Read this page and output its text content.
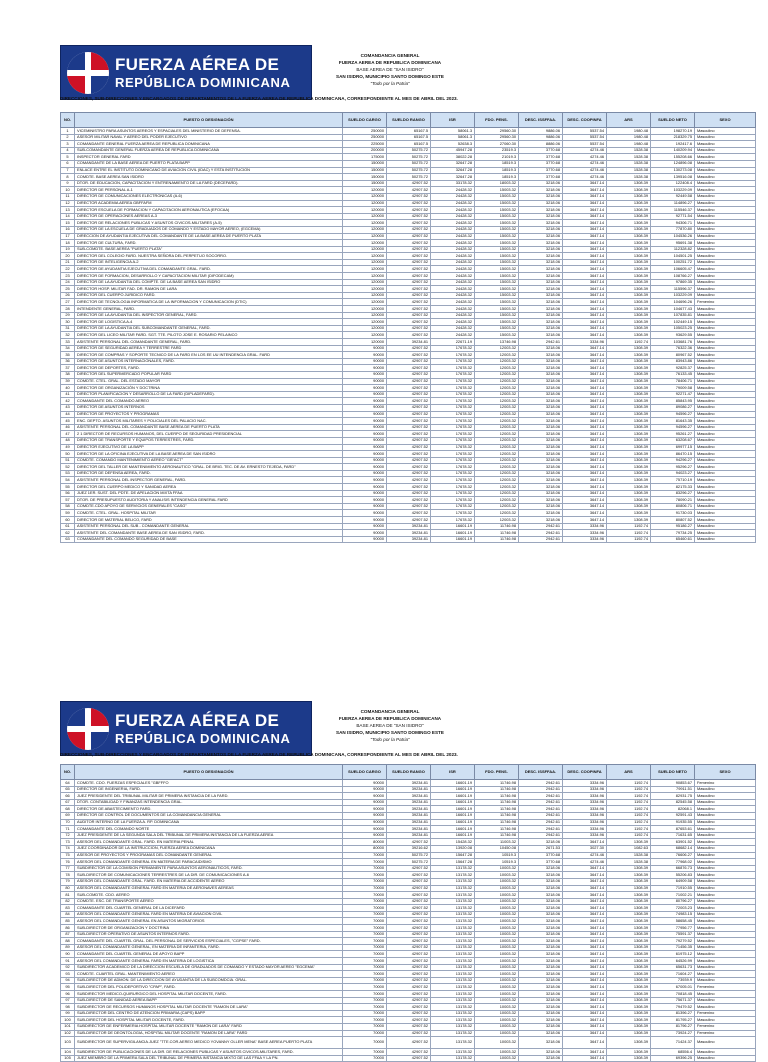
FUERZA AÉREA DE
REPÚBLICA DOMINICANA
COMANDANCIA GENERAL
FUERZA AEREA DE REPUBLICA DOMINICANA
BASE AEREA DE "SAN ISIDRO"
SAN ISIDRO, MUNICIPIO SANTO DOMINGO ESTE
"Todo por la Patria"
DIRECCIONES, SUB-DIRECCIONES Y ENCARGADOS DE DEPARTAMENTOS DE LA FUERZA AEREA DE REPUBLICA DOMINICANA, CORRESPONDIENTE AL MES DE ABRIL DEL 2023.
NO.	PUESTO O DESIGNACIÓN	SUELDO CARGO	SUELDO RANGO	ISR	FDO. PENS.	DESC. ISSFFAA.	DESC. COOPINFA	ARS	SUELDO NETO	SEXO
1	VICEMINISTRO PARA ASUNTOS AEREOS Y ESPACIALES DEL MINISTERIO DE DEFENSA.	250000	65167.5	58061.3	29560.30	9886.06	5537.54	1980.48	198270.19	Masculino
2	ASESOR MILITAR NAVAL Y AEREO DEL PODER EJECUTIVO	250000	65167.5	58061.3	29560.30	9886.06	5537.54	1980.48	218329.75	Masculino
3	COMANDANTE GENERAL FUERZA AEREA DE REPUBLICA DOMINICANA	225000	65167.5	52638.3	27060.30	8886.06	5537.54	1980.48	192417.6	Masculino
4	SUB-COMANDANTE GENERAL FUERZA AEREA DE REPUBLICA DOMINICANA	200000	50275.72	45947.28	23519.3	3770.68	4274.46	1528.38	140209.94	Masculino
5	INSPECTOR GENERAL FARD	175000	50275.72	38022.28	21019.3	3770.68	4274.46	1528.38	155208.66	Masculino
6	COMANDANTE DE LA BASE AEREA DE PUERTO PLATA BAPP	150000	50275.72	32647.28	18519.3	3770.68	4274.46	1528.38	124896.08	Masculino
7	ENLACE ENTRE EL INSTITUTO DOMINICANO DE AVIACION CIVIL (IDAC) Y ESTA INSTITUCION	150000	50275.72	32647.28	18519.3	3770.68	4274.46	1528.38	130273.08	Masculino
8	COMDTE. BASE AEREA SAN ISIDRO	150000	50275.72	32647.28	18519.3	3770.68	4274.46	1528.38	139516.08	Masculino
9	DTOR. DE EDUCACION, CAPACITACION Y ENTRENAMIENTO DE LA FARD (DECEFARD).	150000	42907.52	33178.32	18003.32	3218.06	3647.14	1308.39	122408.4	Masculino
10	DIRECTOR DE PERSONAL A-1	120000	42907.52	24428.32	15003.32	3218.06	3647.14	1308.39	103229.09	Masculino
11	DIRECTOR DE COMUNICACIONES ELECTRONICAS (A-6)	120000	42907.52	24428.32	15003.32	3218.06	3647.14	1308.39	92449.58	Masculino
12	DIRECTOR ACADEMIA AEREA GBFFAFM	120000	42907.52	24428.32	15003.32	3218.06	3647.14	1308.39	114896.27	Masculino
13	DIRECTOR ESCUELA DE FORMACION Y CAPACITACION AERONAUTICA (EFOCAA)	120000	42907.52	24428.32	15003.32	3218.06	3647.14	1308.39	115546.37	Masculino
14	DIRECTOR DE OPERACIONES AEREAS A-3	120000	42907.52	24428.32	15003.32	3218.06	3647.14	1308.39	92771.54	Masculino
15	DIRECTOR DE RELACIONES PUBLICAS Y ASUNTOS CIVICOS-MILITARES (A-5)	120000	42907.52	24428.32	15003.32	3218.06	3647.14	1308.39	94306.71	Masculino
16	DIRECTOR DE LA ESCUELA DE GRADUADOS DE COMANDO Y ESTADO MAYOR AEREO, (EGCEMA)	120000	42907.52	24428.32	15003.32	3218.06	3647.14	1308.39	77870.80	Masculino
17	DIRECCION DE AYUDANTIA EJECUTIVA DEL COMANDANTE DE LA BASE AEREA DE PUERTO PLATA	120000	42907.52	24428.32	15003.32	3218.06	3647.14	1308.39	104536.26	Masculino
18	DIRECTOR DE CULTURA, FARD.	120000	42907.52	24428.32	15003.32	3218.06	3647.14	1308.39	95691.38	Masculino
19	SUB-COMDTE. BASE AEREA "PUERTO PLATA"	120000	42907.52	24428.32	15003.32	3218.06	3647.14	1308.39	112328.82	Masculino
20	DIRECTOR DEL COLEGIO FARD. NUESTRA SEÑORA DEL PERPETUO SOCORRO.	120000	42907.52	24428.32	15003.32	3218.06	3647.14	1308.39	104501.25	Masculino
21	DIRECTOR DE INTELIGENCIA A-2	120000	42907.52	24428.32	15003.32	3218.06	3647.14	1308.39	100251.72	Masculino
22	DIRECTOR DE AYUDANTIA EJECUTIVA DEL COMANDANTE GRAL. FARD.	120000	42907.52	24428.32	15003.32	3218.06	3647.14	1308.39	106605.47	Masculino
23	DIRECTOR DE FORMACION, DESARROLLO Y CAPACITACION MILITAR (DIFODECAM)	120000	42907.52	24428.32	15003.32	3218.06	3647.14	1308.39	108766.27	Masculino
24	DIRECTOR DE LA AYUDANTIA DEL COMPTE. DE LA BASE AEREA SAN ISIDRO	120000	42907.52	24428.32	15003.32	3218.06	3647.14	1308.39	97869.35	Masculino
25	DIRECTOR HOSP. MILITAR FAD. DR. RAMON DE LARA	120000	42907.52	24428.32	15003.32	3218.06	3647.14	1308.39	115596.37	Masculino
26	DIRECTOR DEL CUERPO JURIDICO FARD.	120000	42907.52	24428.32	15003.32	3218.06	3647.14	1308.39	103229.09	Masculino
27	DIRECTOR DE TECNOLOGIA INFORMATICA DE LA INFORMACION Y COMUNICACION (DTIC)	120000	42907.52	24428.32	15003.32	3218.06	3647.14	1308.39	104696.26	Femenino
28	INTENDENTE GENERAL, FARD.	120000	42907.52	24428.32	15003.32	3218.06	3647.14	1308.39	104677.43	Masculino
29	DIRECTOR DE LA AYUDANTIA DEL INSPECTOR GENERAL, FARD.	120000	42907.52	24428.32	15003.32	3218.06	3647.14	1308.39	107835.81	Masculino
30	DIRECTOR DE LOGISTICA A-4	120000	42907.52	24428.32	15003.32	3218.06	3647.14	1308.39	102449.15	Masculino
31	DIRECTOR DE LA AYUDANTIA DEL SUBCOMANDANTE GENERAL, FARD.	120000	42907.52	24428.32	15003.32	3218.06	3647.14	1308.39	105023.25	Masculino
32	DIRECTOR DEL LICEO MILITAR FARD. SGT. TTE. PILOTO JOSE E. ROSARIO PELAINCO	120000	42907.52	24428.32	15003.32	3218.06	3647.14	1308.39	93629.55	Masculino
33	ASISTENTE PERSONAL DEL COMANDANTE GENERAL, FARD.	120000	39234.81	22671.19	13746.98	2942.61	3334.96	1192.74	103681.76	Masculino
34	DIRECTOR DE SEGURIDAD AEREA Y TERRESTRE FARD	90000	42907.52	17678.32	12003.32	3218.06	3647.14	1308.39	76322.36	Masculino
35	DIRECTOR DE COMPRAS Y SOPORTE TECNICO DE LA FARD EN LOS EE UU INTENDENCIA GRAL. FARD	90000	42907.52	17678.32	12003.32	3218.06	3647.14	1308.39	80967.52	Masculino
36	DIRECTOR DE ASUNTOS INTERNACIONALES, FARD.	90000	42907.52	17678.32	12003.32	3218.06	3647.14	1308.39	83943.86	Masculino
37	DIRECTOR DE DEPORTES, FARD.	90000	42907.52	17678.32	12003.32	3218.06	3647.14	1308.39	92825.37	Masculino
38	DIRECTOR DEL SUPERMERCADO POPULAR FARD	90000	42907.52	17678.32	12003.32	3218.06	3647.14	1308.39	76133.45	Masculino
39	COMDTE. CTEL. GRAL. DEL ESTADO MAYOR	90000	42907.52	17678.32	12003.32	3218.06	3647.14	1308.39	78406.71	Masculino
40	DIRECTOR DE ORGANIZACIÓN Y DOCTRINA	90000	42907.52	17678.32	12003.32	3218.06	3647.14	1308.39	79009.58	Masculino
41	DIRECTOR PLANIFICACION Y DESARROLLO DE LA FARD (DIPLADEFARD).	90000	42907.52	17678.32	12003.32	3218.06	3647.14	1308.39	92271.47	Masculino
42	COMANDANTE DEL COMANDO AEREO	90000	42907.52	17678.32	12003.32	3218.06	3647.14	1308.39	85843.95	Masculino
43	DIRECTOR DE ASUNTOS INTERNOS	90000	42907.52	17678.32	12003.32	3218.06	3647.14	1308.39	89086.27	Masculino
44	DIRECTOR DE PROYECTOS Y PROGRAMAS	90000	42907.52	17678.32	12003.32	3218.06	3647.14	1308.39	94596.27	Masculino
45	ENC. DEPTO. ASUNTOS MILITARES Y POLICIALES DEL PALACIO NAC.	90000	42907.52	17678.32	12003.32	3218.06	3647.14	1308.39	81643.35	Masculino
46	ASISTENTE PERSONAL DEL COMANDANTE BASE AEREA DE PUERTO PLATA	90000	42907.52	17678.32	12003.32	3218.06	3647.14	1308.39	94596.27	Masculino
47	2 1 DIRECTOR DE RECURSOS HUMANOS, DEL CUERPO DE SEGURIDAD PRESIDENCIAL	90000	42907.52	17678.32	12003.32	3218.06	3647.14	1308.39	95261.27	Masculino
48	DIRECTOR DE TRANSPORTE Y EQUIPOS TERRESTRES, FARD.	90000	42907.52	17678.32	12003.32	3218.06	3647.14	1308.39	63208.67	Masculino
49	DIRECTOR EJECUTIVO DE LA BAPP	90000	42907.52	17678.32	12003.32	3218.06	3647.14	1308.39	69977.15	Masculino
50	DIRECTOR DE LA OFICINA EJECUTIVA DE LA BASE AEREA DE SAN ISIDRO	90000	42907.52	17678.32	12003.32	3218.06	3647.14	1308.39	86470.15	Masculino
51	COMDTE. COMANDO MANTENIMIENTO AEREO "GB"ACT"	90000	42907.52	17678.32	12003.32	3218.06	3647.14	1308.39	94296.27	Masculino
52	DIRECTOR DEL TALLER DE MANTENIMIENTO AERONAUTICO "GRAL. DE BRIG. TEC. DE AV. ERNESTO TEJEDA, FARD"	90000	42907.52	17678.32	12003.32	3218.06	3647.14	1308.39	95296.27	Masculino
53	DIRECTOR DE DEFENSA AEREA, FARD.	90000	42907.52	17678.32	12003.32	3218.06	3647.14	1308.39	94023.27	Masculino
54	ASISTENTE PERSONAL DEL INSPECTOR GENERAL, FARD.	90000	42907.52	17678.32	12003.32	3218.06	3647.14	1308.39	75710.19	Masculino
55	DIRECTOR DEL CUERPO MEDICO Y SANIDAD AEREA	90000	42907.52	17678.32	12003.32	3218.06	3647.14	1308.39	82175.33	Masculino
56	JUEZ 1ER. SUST. DEL PDTE. DE APELACION MIXTA FFAA	90000	42907.52	17678.32	12003.32	3218.06	3647.14	1308.39	83296.27	Masculino
57	DTOR. DE PRESUPUESTO AUDITORIA Y ANALISIS INTENDENCIA GENERAL FARD	90000	42907.52	17678.32	12003.32	3218.06	3647.14	1308.39	78090.21	Masculino
58	COMDTE.CDO APOYO DE SERVICIOS GENERALES "CASG"	90000	42907.52	17678.32	12003.32	3218.06	3647.14	1308.39	80806.71	Masculino
59	COMDTE. CTEL. GRAL. HOSPITAL MILITAR	90000	42907.52	17678.32	12003.32	3218.06	3647.14	1308.39	91730.03	Masculino
60	DIRECTOR DE MATERIAL BELICO, FARD	90000	42907.52	17678.32	12003.32	3218.06	3647.14	1308.39	80807.52	Masculino
61	ASISTENTE PERSONAL DEL SUB - COMANDANTE GENERAL	90000	39234.81	16601.19	11746.98	2942.61	3334.96	1192.74	95186.27	Masculino
62	ASISTENTE DEL COMANDANTE BASE AEREA DE SAN ISIDRO, FARD.	90000	39234.81	16601.19	11746.98	2942.61	3334.96	1192.74	79734.25	Masculino
63	COMANDANTE DEL COMANDO SEGURIDAD DE BASE	90000	39234.81	16601.19	11746.98	2942.61	3334.96	1192.74	65460.61	Masculino
FUERZA AÉREA DE
REPÚBLICA DOMINICANA
COMANDANCIA GENERAL
FUERZA AEREA DE REPUBLICA DOMINICANA
BASE AEREA DE "SAN ISIDRO"
SAN ISIDRO, MUNICIPIO SANTO DOMINGO ESTE
"Todo por la Patria"
DIRECCIONES, SUB-DIRECCIONES Y ENCARGADOS DE DEPARTAMENTOS DE LA FUERZA AEREA DE REPUBLICA DOMINICANA, CORRESPONDIENTE AL MES DE ABRIL DEL 2023.
NO.	PUESTO O DESIGNACIÓN	SUELDO CARGO	SUELDO RANGO	ISR	FDO. PENS.	DESC. ISSFFAA.	DESC. COOPINFA	ARS	SUELDO NETO	SEXO
64	COMDTE. CDO. FUERZAS ESPECIALES "GBFFFO	90000	39234.81	16601.19	11746.98	2942.61	3334.96	1192.74	90853.67	Femenino
65	DIRECTOR DE INGENIERIA, FARD.	90000	39234.81	16601.19	11746.98	2942.61	3334.96	1192.74	79911.51	Masculino
66	JUEZ PRESIDENTE DEL TRIBUNAL MILITAR DE PRIMERA INSTANCIA DE LA FARD.	90000	39234.81	16601.19	11746.98	2942.61	3334.96	1192.74	82931.75	Masculino
67	DTOR. CONTABILIDAD Y FINANZAS INTENDENCIA GRAL.	90000	39234.81	16601.19	11746.98	2942.61	3334.96	1192.74	82545.58	Masculino
68	DIRECTOR DE ABASTECIMIENTO FARD.	90000	39234.81	16601.19	11746.98	2942.61	3334.96	1192.74	82068.1	Masculino
69	DIRECTOR DE CONTROL DE DOCUMENTOS DE LA COMANDANCIA GENERAL	90000	39234.81	16601.19	11746.98	2942.61	3334.96	1192.74	92591.43	Masculino
70	AUDITOR INTERNO DE LA FUERZA A. RP. DOMINICANA	90000	39234.81	16601.19	11746.98	2942.61	3334.96	1192.74	91935.55	Masculino
71	COMANDANTE DEL COMANDO NORTE	90000	39234.81	16601.19	11746.98	2942.61	3334.96	1192.74	87653.61	Masculino
72	JUEZ PRESIDENTE DE LA SEGUNDA SALA DEL TRIBUNAL DE PRIMERA INSTANCIA DE LA FUERZA AEREA	90000	39234.81	16601.19	11746.98	2942.61	3334.96	1192.74	71631.65	Masculino
73	ASESOR DEL COMANDANTE GRAL. FARD. EN MATERIA PENAL	80000	42907.52	15428.32	11003.32	3218.06	3647.14	1308.39	63901.52	Masculino
74	JUEZ COORDINADOR DE LA INSTRUCCION, FUERZA AEREA DOMINICANA	80000	39216.62	13920.08	10450.08	2671.53	3027.30	1082.63	68682.14	Masculino
75	ASESOR DE PROYECTOS Y PROGRAMAS DEL COMANDANTE GENERAL	70000	50275.72	15647.28	10519.3	3770.68	4274.46	1528.38	76606.27	Masculino
76	ASESOR DEL COMANDANTE GENERAL EN MATERIA DE PARACAIDISMO	70000	50275.72	15647.28	10519.3	3770.68	4274.46	1528.38	77968.02	Masculino
77	SUBDIRECTOR DE LA COMISION PERMANENTE PARA ASUNTOS AERONAUTICOS, FARD.	70000	42907.52	13178.32	10003.32	3218.06	3647.14	1308.39	66876.73	Masculino
78	SUB-DIRECTOR DE COMUNICACIONES TERRESTRES DE LA DIR. DE COMUNICACIONES A-6	70000	42907.52	13178.32	10003.32	3218.06	3647.14	1308.39	55206.83	Masculino
79	ASESOR DEL COMANDANTE GRAL. FARD. EN MATERIA DE ACCIDENTE AEREO	70000	42907.52	13178.32	10003.32	3218.06	3647.14	1308.39	64909.58	Masculino
80	ASESOR DEL COMANDANTE GENERAL FARD EN MATERIA DE AERONAVES AEREAS	70000	42907.52	13178.32	10003.32	3218.06	3647.14	1308.39	71910.55	Masculino
81	SUB-COMDTE. CDO. AEREO	70000	42907.52	13178.32	10003.32	3218.06	3647.14	1308.39	71002.21	Masculino
82	COMDTE. ESC. DE TRANSPORTE AEREO	70000	42907.52	13178.32	10003.32	3218.06	3647.14	1308.39	80796.27	Masculino
83	COMANDANTE DEL CUARTEL GENERAL DE LA DICEFARD	70000	42907.52	13178.32	10003.32	3218.06	3647.14	1308.39	72003.23	Masculino
84	ASESOR DEL COMANDANTE GENERAL FARD EN MATERIA DE AVIACION CIVIL	70000	42907.52	13178.32	10003.32	3218.06	3647.14	1308.39	74983.15	Masculino
85	ASESOR DEL COMANDANTE GENERAL EN ASUNTOS MIGRATORIOS	70000	42907.52	13178.32	10003.32	3218.06	3647.14	1308.39	58658.45	Masculino
86	SUB-DIRECTOR DE ORGANIZACION Y DOCTRINA	70000	42907.52	13178.32	10003.32	3218.06	3647.14	1308.39	77956.77	Masculino
87	SUB-DIRECTOR OPERATIVO DE ASUNTOS INTERNOS FARD.	70000	42907.52	13178.32	10003.32	3218.06	3647.14	1308.39	75591.37	Masculino
88	COMANDANTE DEL CUARTEL GRAL. DEL PERSONAL DE SERVICIOS ESPECIALES, "CGPSE" FARD.	70000	42907.52	13178.32	10003.32	3218.06	3647.14	1308.39	79279.52	Masculino
89	ASESOR DEL COMANDANTE GENERAL, EN MATERIA DE INFANTERIA, FARD.	70000	42907.52	13178.32	10003.32	3218.06	3647.14	1308.39	71456.35	Masculino
90	COMANDANTE DEL CUARTEL GENERAL DE APOYO BAPP	70000	42907.52	13178.32	10003.32	3218.06	3647.14	1308.39	61975.12	Masculino
91	ASESOR DEL COMANDANTE GENERAL FARD EN MATERIA DE LOGISTICA	70000	42907.52	13178.32	10003.32	3218.06	3647.14	1308.39	64526.99	Masculino
92	SUBDIRECTOR ACADEMICO DE LA DIRECCION ESCUELA DE GRADUADOS DE COMANDO Y ESTADO MAYOR AEREO "EGCEMA"	70000	42907.52	13178.32	10003.32	3218.06	3647.14	1308.39	65631.73	Masculino
93	COMDTE. CUARTEL GRAL. MANTENIMIENTO AEREO	70000	42907.52	13178.32	10003.32	3218.06	3647.14	1308.39	71604.27	Masculino
94	SUB-DIRECTOR DE ADMON. DE LA DIRECCION DE AYUDANTIA DE LA SUBCOMDCIA. GRAL.	70000	42907.52	13178.32	10003.32	3218.06	3647.14	1308.39	73939.9	Masculino
95	SUB-DIRECTOR DEL POLIDEPORTIVO "CPAP", FARD.	70000	42907.52	13178.32	10003.32	3218.06	3647.14	1308.39	67005.01	Femenino
96	SUBDIRECTOR MEDICO-QUIRURGICO DEL HOSPITAL MILITAR DOCENTE, FARD.	70000	42907.52	13178.32	10003.32	3218.06	3647.14	1308.39	70818.45	Masculino
97	SUB-DIRECTOR DE SANIDAD AEREA BAPP	70000	42907.52	13178.32	10003.32	3218.06	3647.14	1308.39	75671.37	Masculino
98	SUBDIRECTOR DE RECURSOS HUMANOS HOSPITAL MILITAR DOCENTE "RAMON DE LARA"	70000	42907.52	13178.32	10003.32	3218.06	3647.14	1308.39	79479.52	Masculino
99	SUB-DIRECTOR DEL CENTRO DE ATENCION PRIMARIA (CAPS) BAPP	70000	42907.52	13178.32	10003.32	3218.06	3647.14	1308.39	81396.27	Femenino
100	SUB-DIRECTOR DEL HOSPITAL MILITAR DOCENTE, FARD.	70000	42907.52	13178.32	10003.32	3218.06	3647.14	1308.39	81795.27	Masculino
101	SUBDIRECTOR DE ENFERMERIA HOSPITAL MILITAR DOCENTE "RAMON DE LARA" FARD	70000	42907.52	13178.32	10003.32	3218.06	3647.14	1308.39	81796.27	Femenino
102	SUB-DIRECTOR DE DEONTOLOGIA, HOSPITAL MILITAR DOCENTE "RAMON DE LARA" FARD	70000	42907.52	13178.32	10003.32	3218.06	3647.14	1308.39	73924.27	Femenino
103	SUBDIRECTOR DE SUPERVIGILANCIA.JUEZ "TTE.COR.AEREO MEDICO YOVANNY OLLER MENA" BASE AEREA PUERTO PLATA	70000	42907.52	13178.32	10003.32	3218.06	3647.14	1308.39	71424.37	Masculino
104	SUBDIRECTOR DE PUBLICACIONES DE LA DIR. DE RELACIONES PUBLICAS Y ASUNTOS CIVICOS-MILITARES, FARD.	70000	42907.52	13178.32	10003.32	3218.06	3647.14	1308.39	68556.4	Masculino
105	JUEZ MIEMBRO DE LA PRIMERA SALA DEL TRIBUNAL DE PRIMERA INSTANCIA MIXTO DE LAS FFAA Y LA PN.	70000	42907.52	13178.32	10003.32	3218.06	3647.14	1308.39	69396.25	Masculino
